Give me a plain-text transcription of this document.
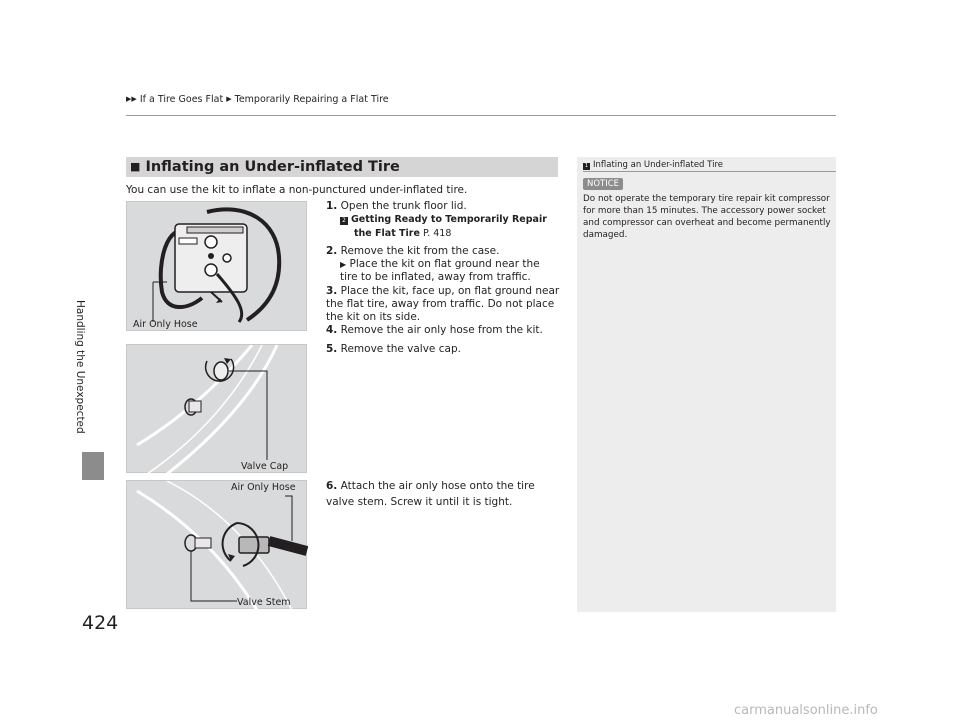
▶▶ If a Tire Goes Flat ▶ Temporarily Repairing a Flat Tire
Handling the Unexpected
424
■ Inflating an Under-inflated Tire
You can use the kit to inflate a non-punctured under-inflated tire.
Air Only Hose
Valve Cap
Air Only Hose
Valve Stem
1. Open the trunk floor lid.
2 Getting Ready to Temporarily Repair
the Flat Tire P. 418
2. Remove the kit from the case.
▶ Place the kit on flat ground near the tire to be inflated, away from traffic.
3. Place the kit, face up, on flat ground near the flat tire, away from traffic. Do not place the kit on its side.
4. Remove the air only hose from the kit.
5. Remove the valve cap.
6. Attach the air only hose onto the tire valve stem. Screw it until it is tight.
1 Inflating an Under-inflated Tire
NOTICE
Do not operate the temporary tire repair kit compressor for more than 15 minutes. The accessory power socket and compressor can overheat and become permanently damaged.
carmanualsonline.info
